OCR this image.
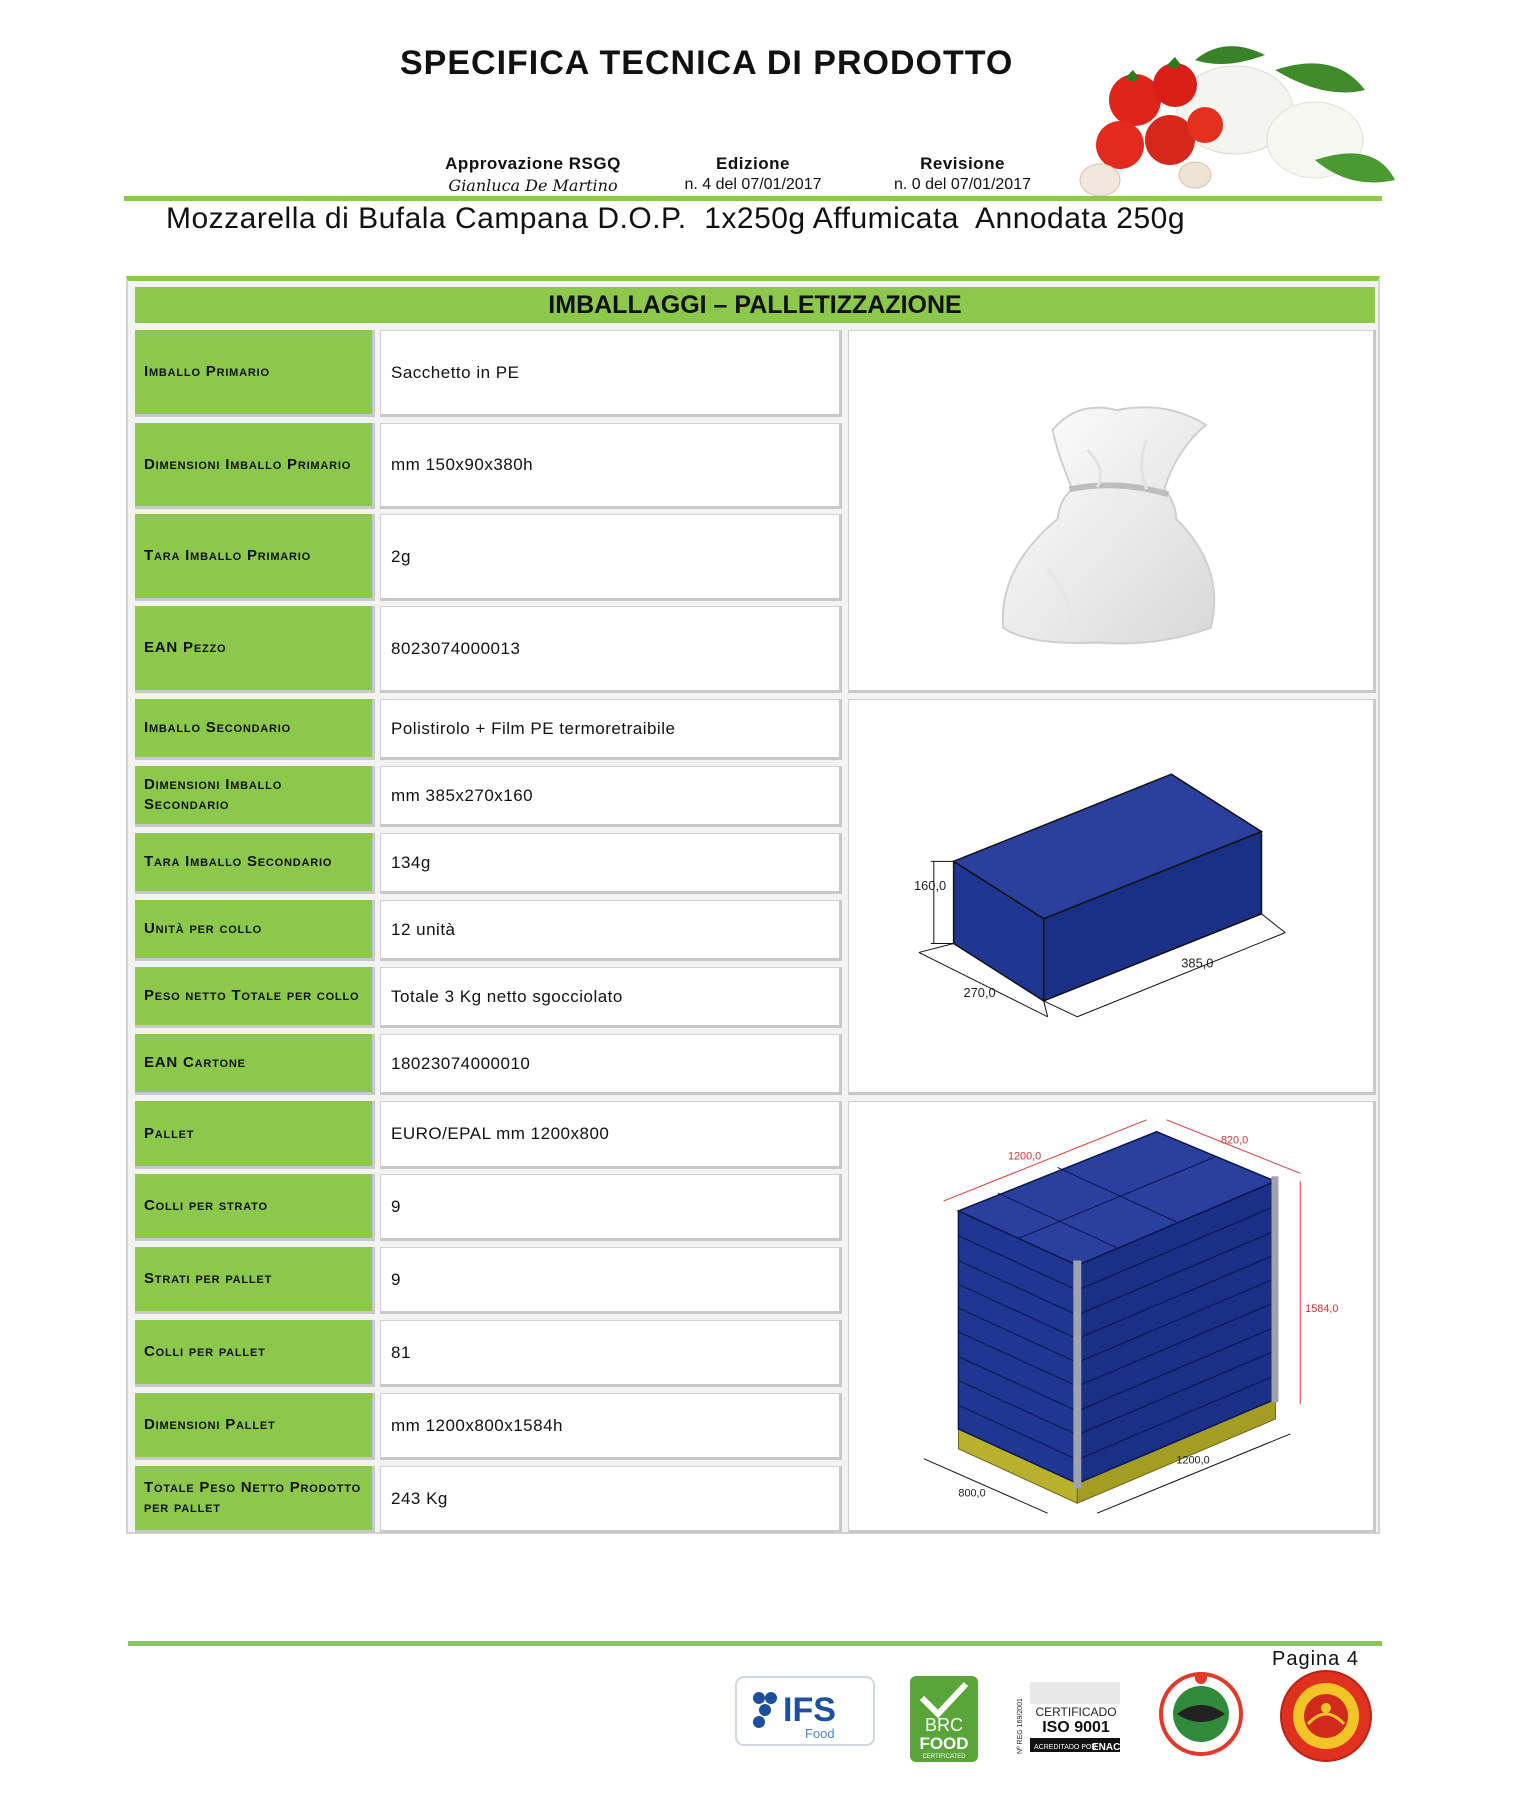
SPECIFICA TECNICA DI PRODOTTO
Approvazione RSGQ
Gianluca De Martino
Edizione
n. 4 del 07/01/2017
Revisione
n. 0 del 07/01/2017
Mozzarella di Bufala Campana D.O.P.  1x250g Affumicata  Annodata 250g
IMBALLAGGI – PALLETIZZAZIONE
Imballo Primario	Sacchetto in PE
Dimensioni Imballo Primario	mm 150x90x380h
Tara Imballo Primario	2g
EAN Pezzo	8023074000013
Imballo Secondario	Polistirolo + Film PE termoretraibile
Dimensioni Imballo Secondario	mm 385x270x160
Tara Imballo Secondario	134g
Unità per collo	12 unità
Peso netto Totale per collo	Totale 3 Kg netto sgocciolato
EAN Cartone	18023074000010
160,0
270,0
385,0
Pallet	EURO/EPAL mm 1200x800
Colli per strato	9
Strati per pallet	9
Colli per pallet	81
Dimensioni Pallet	mm 1200x800x1584h
Totale Peso Netto Prodotto per pallet	243 Kg
1200,0
820,0
1584,0
800,0
1200,0
Pagina 4
IFS
Food	BRC
FOOD
CERTIFICATED
Nº REG 169/2001 CERTIFICADO
ISO 9001
ACREDITADO POR
ENAC
